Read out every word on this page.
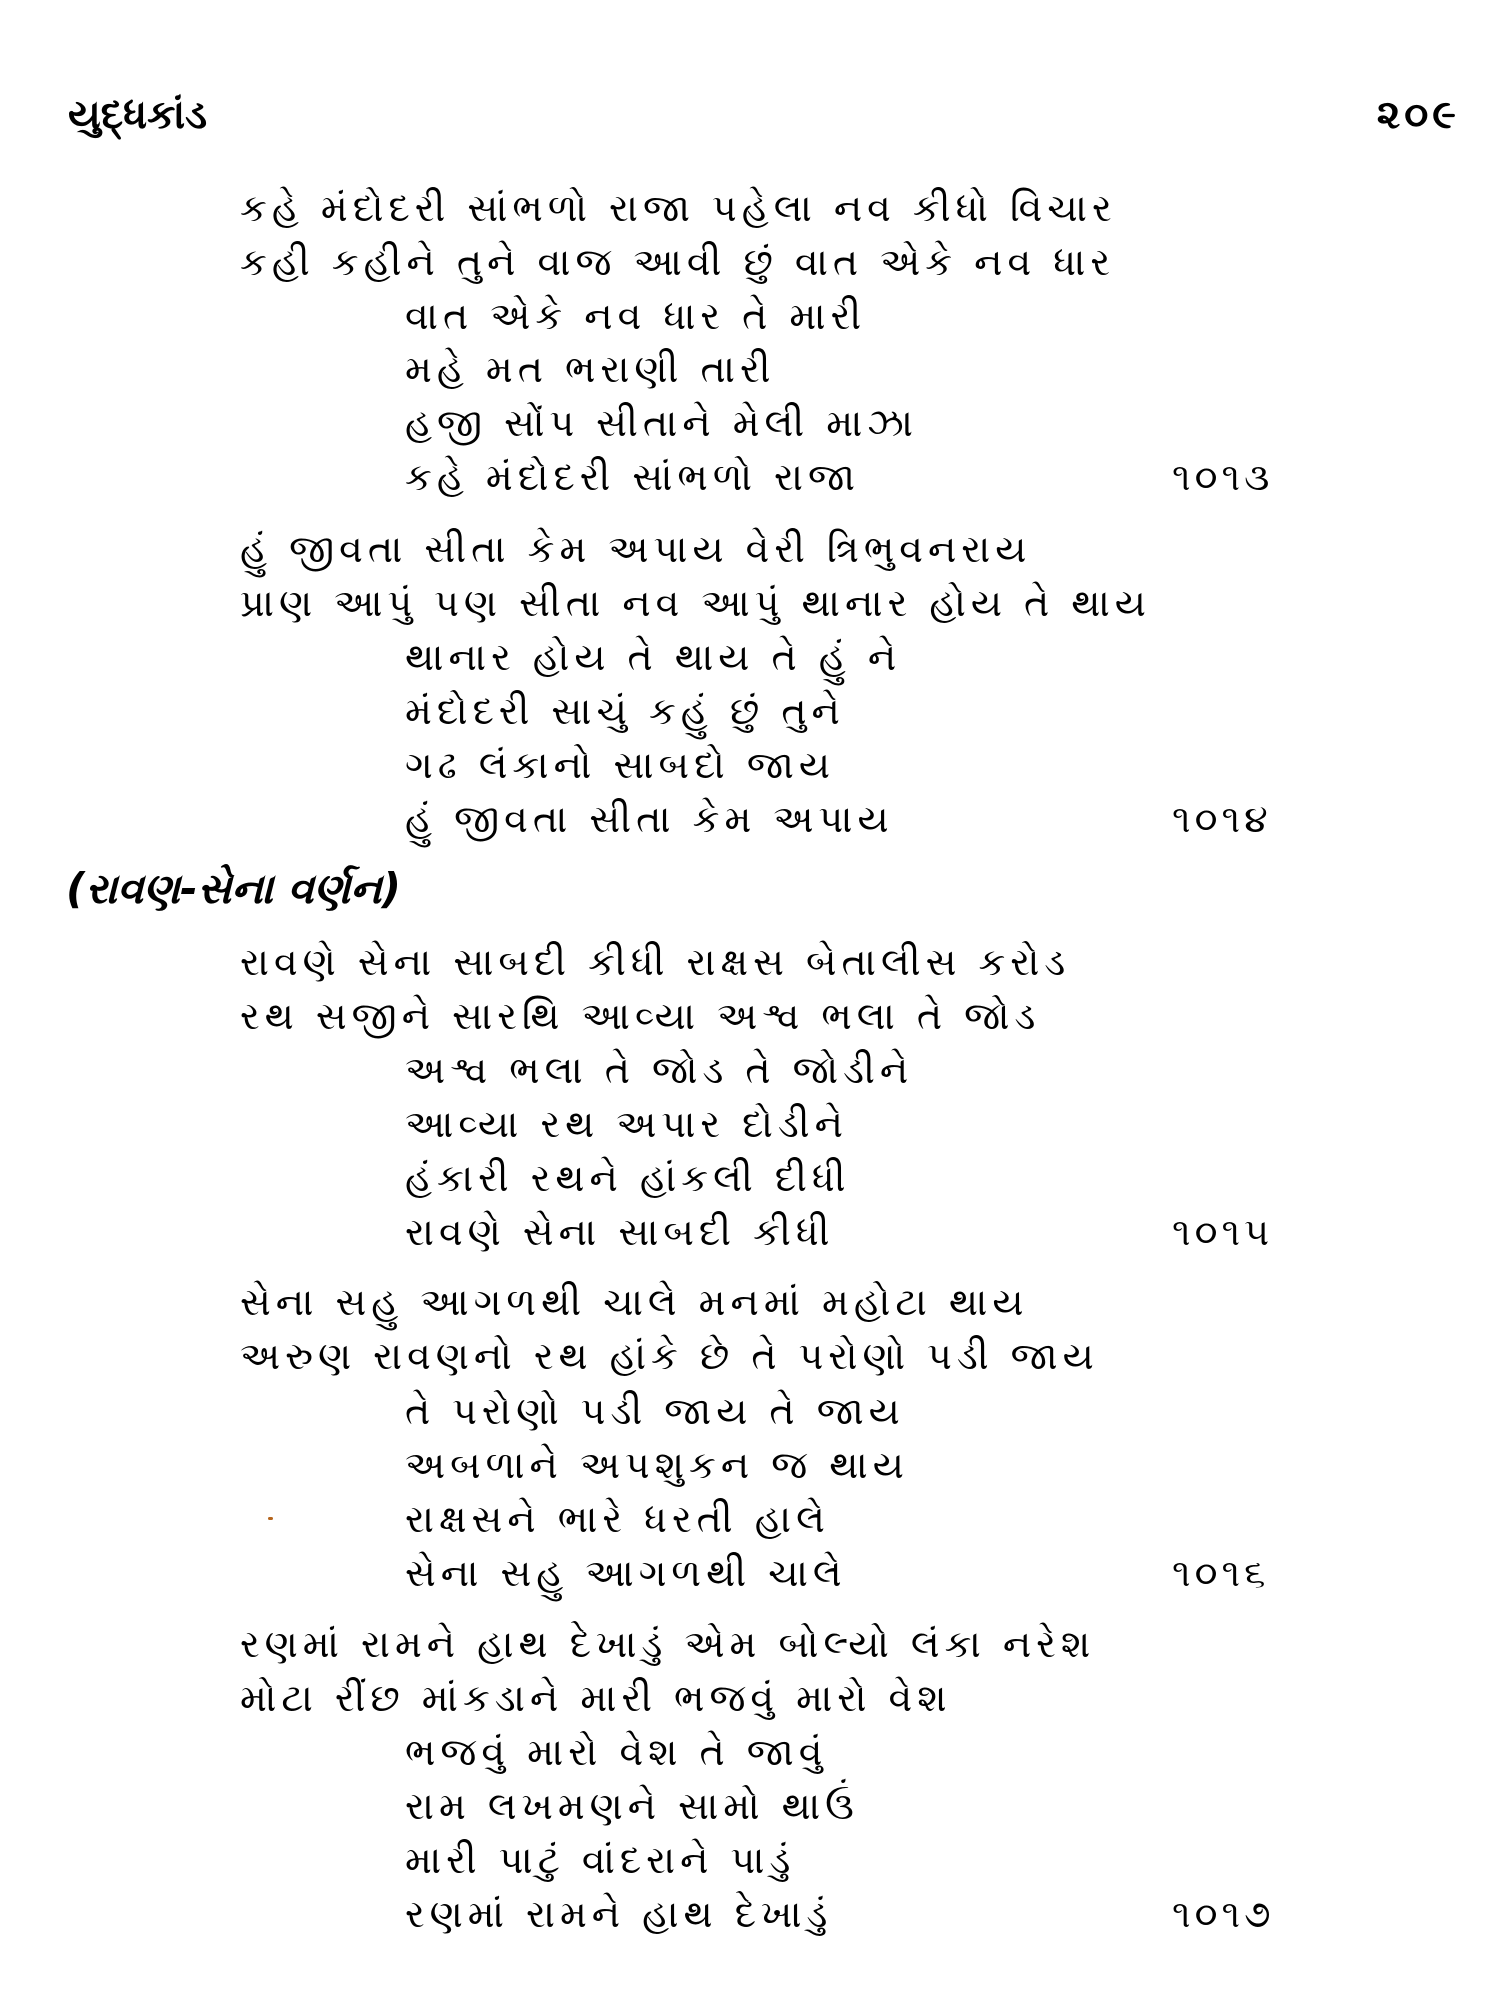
યુદ્ધકાંડ	૨૦૯
કહે મંદોદરી સાંભળો રાજા પહેલા નવ કીધો વિચાર
કહી કહીને તુને વાજ આવી છું વાત એકે નવ ધાર
વાત એકે નવ ધાર તે મારી
મહે મત ભરાણી તારી
હજી સોંપ સીતાને મેલી માઝા
કહે મંદોદરી સાંભળો રાજા	૧૦૧૩
હું જીવતા સીતા કેમ અપાય વેરી ત્રિભુવનરાય
પ્રાણ આપું પણ સીતા નવ આપું થાનાર હોય તે થાય
થાનાર હોય તે થાય તે હું ને
મંદોદરી સાચું કહું છું તુને
ગઢ લંકાનો સાબદો જાય
હું જીવતા સીતા કેમ અપાય	૧૦૧૪
(રાવણ-સેના વર્ણન)
રાવણે સેના સાબદી કીધી રાક્ષસ બેતાલીસ કરોડ
રથ સજીને સારથિ આવ્યા અશ્વ ભલા તે જોડ
અશ્વ ભલા તે જોડ તે જોડીને
આવ્યા રથ અપાર દોડીને
હંકારી રથને હાંકલી દીધી
રાવણે સેના સાબદી કીધી	૧૦૧૫
સેના સહુ આગળથી ચાલે મનમાં મહોટા થાય
અરુણ રાવણનો રથ હાંકે છે તે પરોણો પડી જાય
તે પરોણો પડી જાય તે જાય
અબળાને અપશુકન જ થાય
રાક્ષસને ભારે ધરતી હાલે
સેના સહુ આગળથી ચાલે	૧૦૧૬
રણમાં રામને હાથ દેખાડું એમ બોલ્યો લંકા નરેશ
મોટા રીંછ માંકડાને મારી ભજવું મારો વેશ
ભજવું મારો વેશ તે જાવું
રામ લખમણને સામો થાઉં
મારી પાટું વાંદરાને પાડું
રણમાં રામને હાથ દેખાડું	૧૦૧૭
